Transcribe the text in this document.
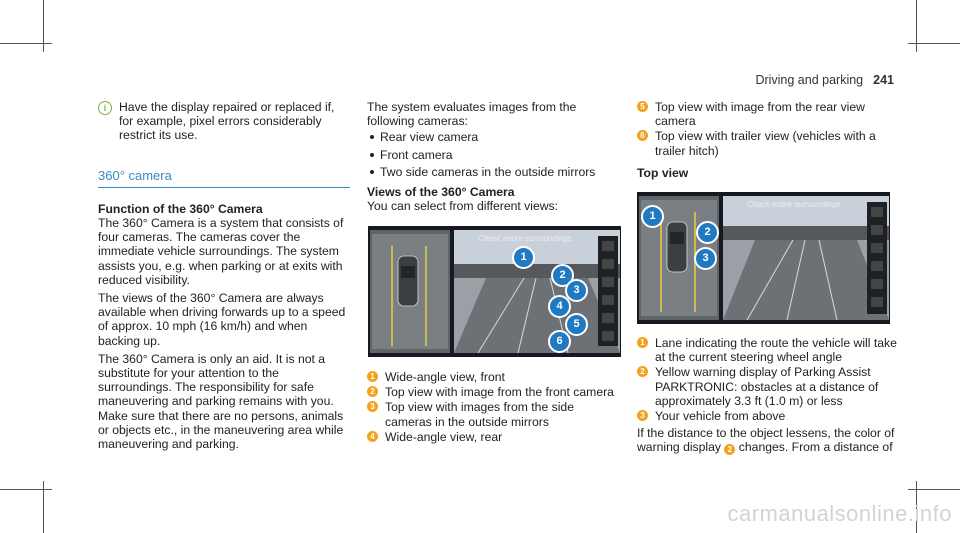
Driving and parking 241
i	Have the display repaired or replaced if, for example, pixel errors considerably restrict its use.

360° camera

Function of the 360° Camera

The 360° Camera is a system that consists of four cameras. The cameras cover the immediate vehicle surroundings. The system assists you, e.g. when parking or at exits with reduced visibility.

The views of the 360° Camera are always available when driving forwards up to a speed of approx. 10 mph (16 km/h) and when backing up.

The 360° Camera is only an aid. It is not a substitute for your attention to the surroundings. The responsibility for safe maneuvering and parking remains with you. Make sure that there are no persons, animals or objects etc., in the maneuvering area while maneuvering and parking.

The system evaluates images from the following cameras:

Rear view camera
Front camera
Two side cameras in the outside mirrors

Views of the 360° Camera

You can select from different views:

Check entire surroundings
1
2
3
4
5
6
1 Wide-angle view, front
2 Top view with image from the front camera
3 Top view with images from the side cameras in the outside mirrors
4 Wide-angle view, rear
5 Top view with image from the rear view camera
6 Top view with trailer view (vehicles with a trailer hitch)

Top view

Check entire surroundings
1
2
3
1 Lane indicating the route the vehicle will take at the current steering wheel angle
2 Yellow warning display of Parking Assist PARKTRONIC: obstacles at a distance of approximately 3.3 ft (1.0 m) or less
3 Your vehicle from above

If the distance to the object lessens, the color of warning display 2 changes. From a distance of

carmanualsonline.info
